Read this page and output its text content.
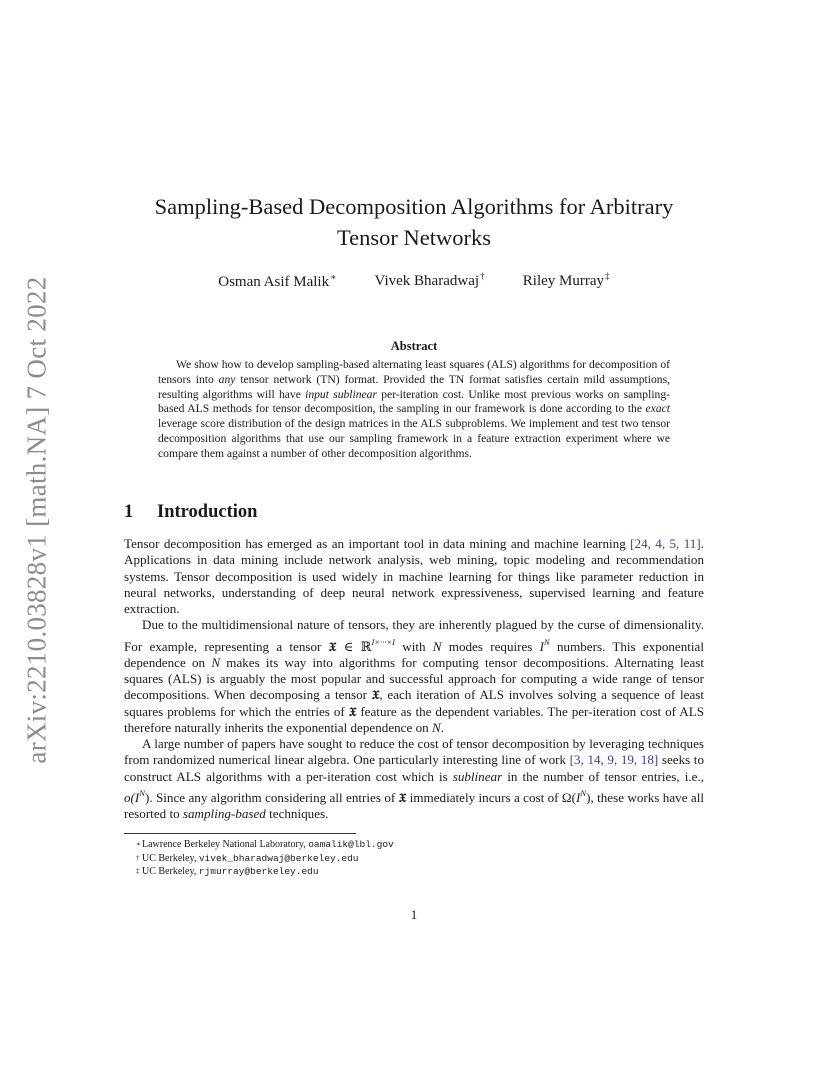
arXiv:2210.03828v1 [math.NA] 7 Oct 2022
Sampling-Based Decomposition Algorithms for Arbitrary
Tensor Networks
Osman Asif Malik∗	Vivek Bharadwaj†	Riley Murray‡
Abstract

We show how to develop sampling-based alternating least squares (ALS) algorithms for decomposition of tensors into any tensor network (TN) format. Provided the TN format satisfies certain mild assumptions, resulting algorithms will have input sublinear per-iteration cost. Unlike most previous works on sampling-based ALS methods for tensor decomposition, the sampling in our framework is done according to the exact leverage score distribution of the design matrices in the ALS subproblems. We implement and test two tensor decomposition algorithms that use our sampling framework in a feature extraction experiment where we compare them against a number of other decomposition algorithms.

1 Introduction

Tensor decomposition has emerged as an important tool in data mining and machine learning [24, 4, 5, 11]. Applications in data mining include network analysis, web mining, topic modeling and recommendation systems. Tensor decomposition is used widely in machine learning for things like parameter reduction in neural networks, understanding of deep neural network expressiveness, supervised learning and feature extraction.

Due to the multidimensional nature of tensors, they are inherently plagued by the curse of dimensionality. For example, representing a tensor 𝔛 ∈ ℝ$^{I\times\cdot\cdot\cdot\times I}$ with N modes requires $I^N$ numbers. This exponential dependence on N makes its way into algorithms for computing tensor decompositions. Alternating least squares (ALS) is arguably the most popular and successful approach for computing a wide range of tensor decompositions. When decomposing a tensor 𝔛, each iteration of ALS involves solving a sequence of least squares problems for which the entries of 𝔛 feature as the dependent variables. The per-iteration cost of ALS therefore naturally inherits the exponential dependence on N.

A large number of papers have sought to reduce the cost of tensor decomposition by leveraging techniques from randomized numerical linear algebra. One particularly interesting line of work [3, 14, 9, 19, 18] seeks to construct ALS algorithms with a per-iteration cost which is sublinear in the number of tensor entries, i.e., $o(I^N)$. Since any algorithm considering all entries of 𝔛 immediately incurs a cost of $\Omega(I^N)$, these works have all resorted to sampling-based techniques.

∗ Lawrence Berkeley National Laboratory, oamalik@lbl.gov
† UC Berkeley, vivek_bharadwaj@berkeley.edu
‡ UC Berkeley, rjmurray@berkeley.edu
1
